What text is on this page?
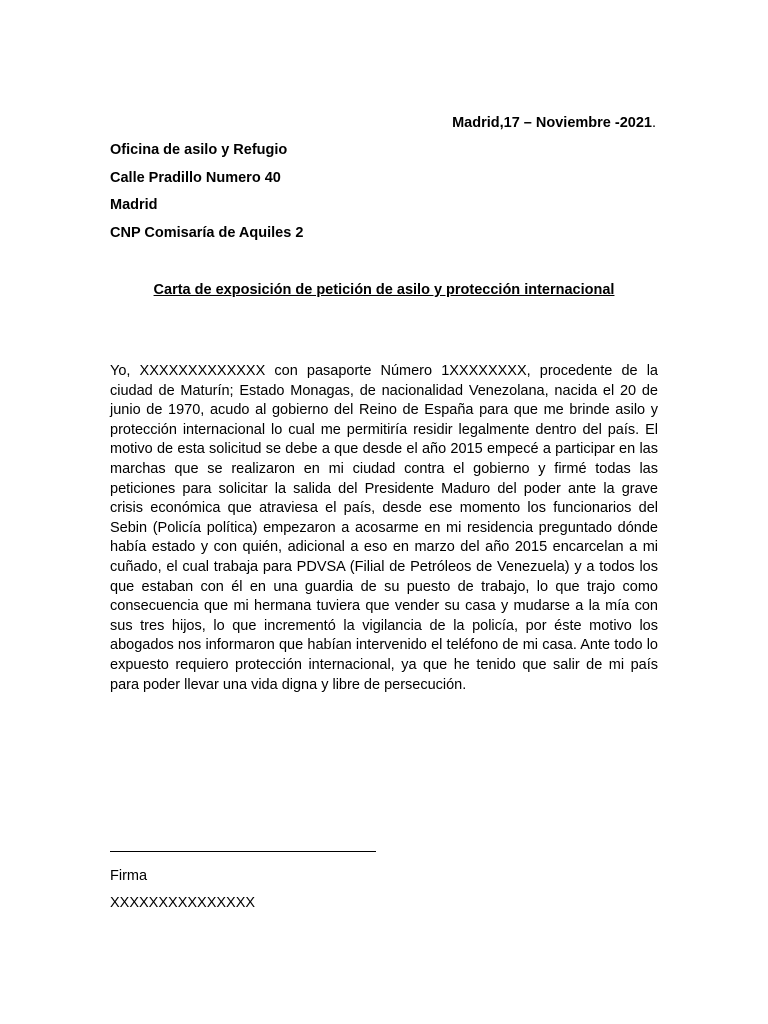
Madrid,17 – Noviembre -2021.
Oficina de asilo y Refugio
Calle Pradillo Numero 40
Madrid
CNP Comisaría de Aquiles 2
Carta de exposición de petición de asilo y protección internacional
Yo, XXXXXXXXXXXXX con pasaporte Número 1XXXXXXXX, procedente de la ciudad de Maturín; Estado Monagas, de nacionalidad Venezolana, nacida el 20 de junio de 1970, acudo al gobierno del Reino de España para que me brinde asilo y protección internacional lo cual me permitiría residir legalmente dentro del país. El motivo de esta solicitud se debe a que desde el año 2015 empecé a participar en las marchas que se realizaron en mi ciudad contra el gobierno y firmé todas las peticiones para solicitar la salida del Presidente Maduro del poder ante la grave crisis económica que atraviesa el país, desde ese momento los funcionarios del Sebin (Policía política) empezaron a acosarme en mi residencia preguntado dónde había estado y con quién, adicional a eso en marzo del año 2015 encarcelan a mi cuñado, el cual trabaja para PDVSA (Filial de Petróleos de Venezuela) y a todos los que estaban con él en una guardia de su puesto de trabajo, lo que trajo como consecuencia que mi hermana tuviera que vender su casa y mudarse a la mía con sus tres hijos, lo que incrementó la vigilancia de la policía, por éste motivo los abogados nos informaron que habían intervenido el teléfono de mi casa. Ante todo lo expuesto requiero protección internacional, ya que he tenido que salir de mi país para poder llevar una vida digna y libre de persecución.
Firma
XXXXXXXXXXXXXXX
